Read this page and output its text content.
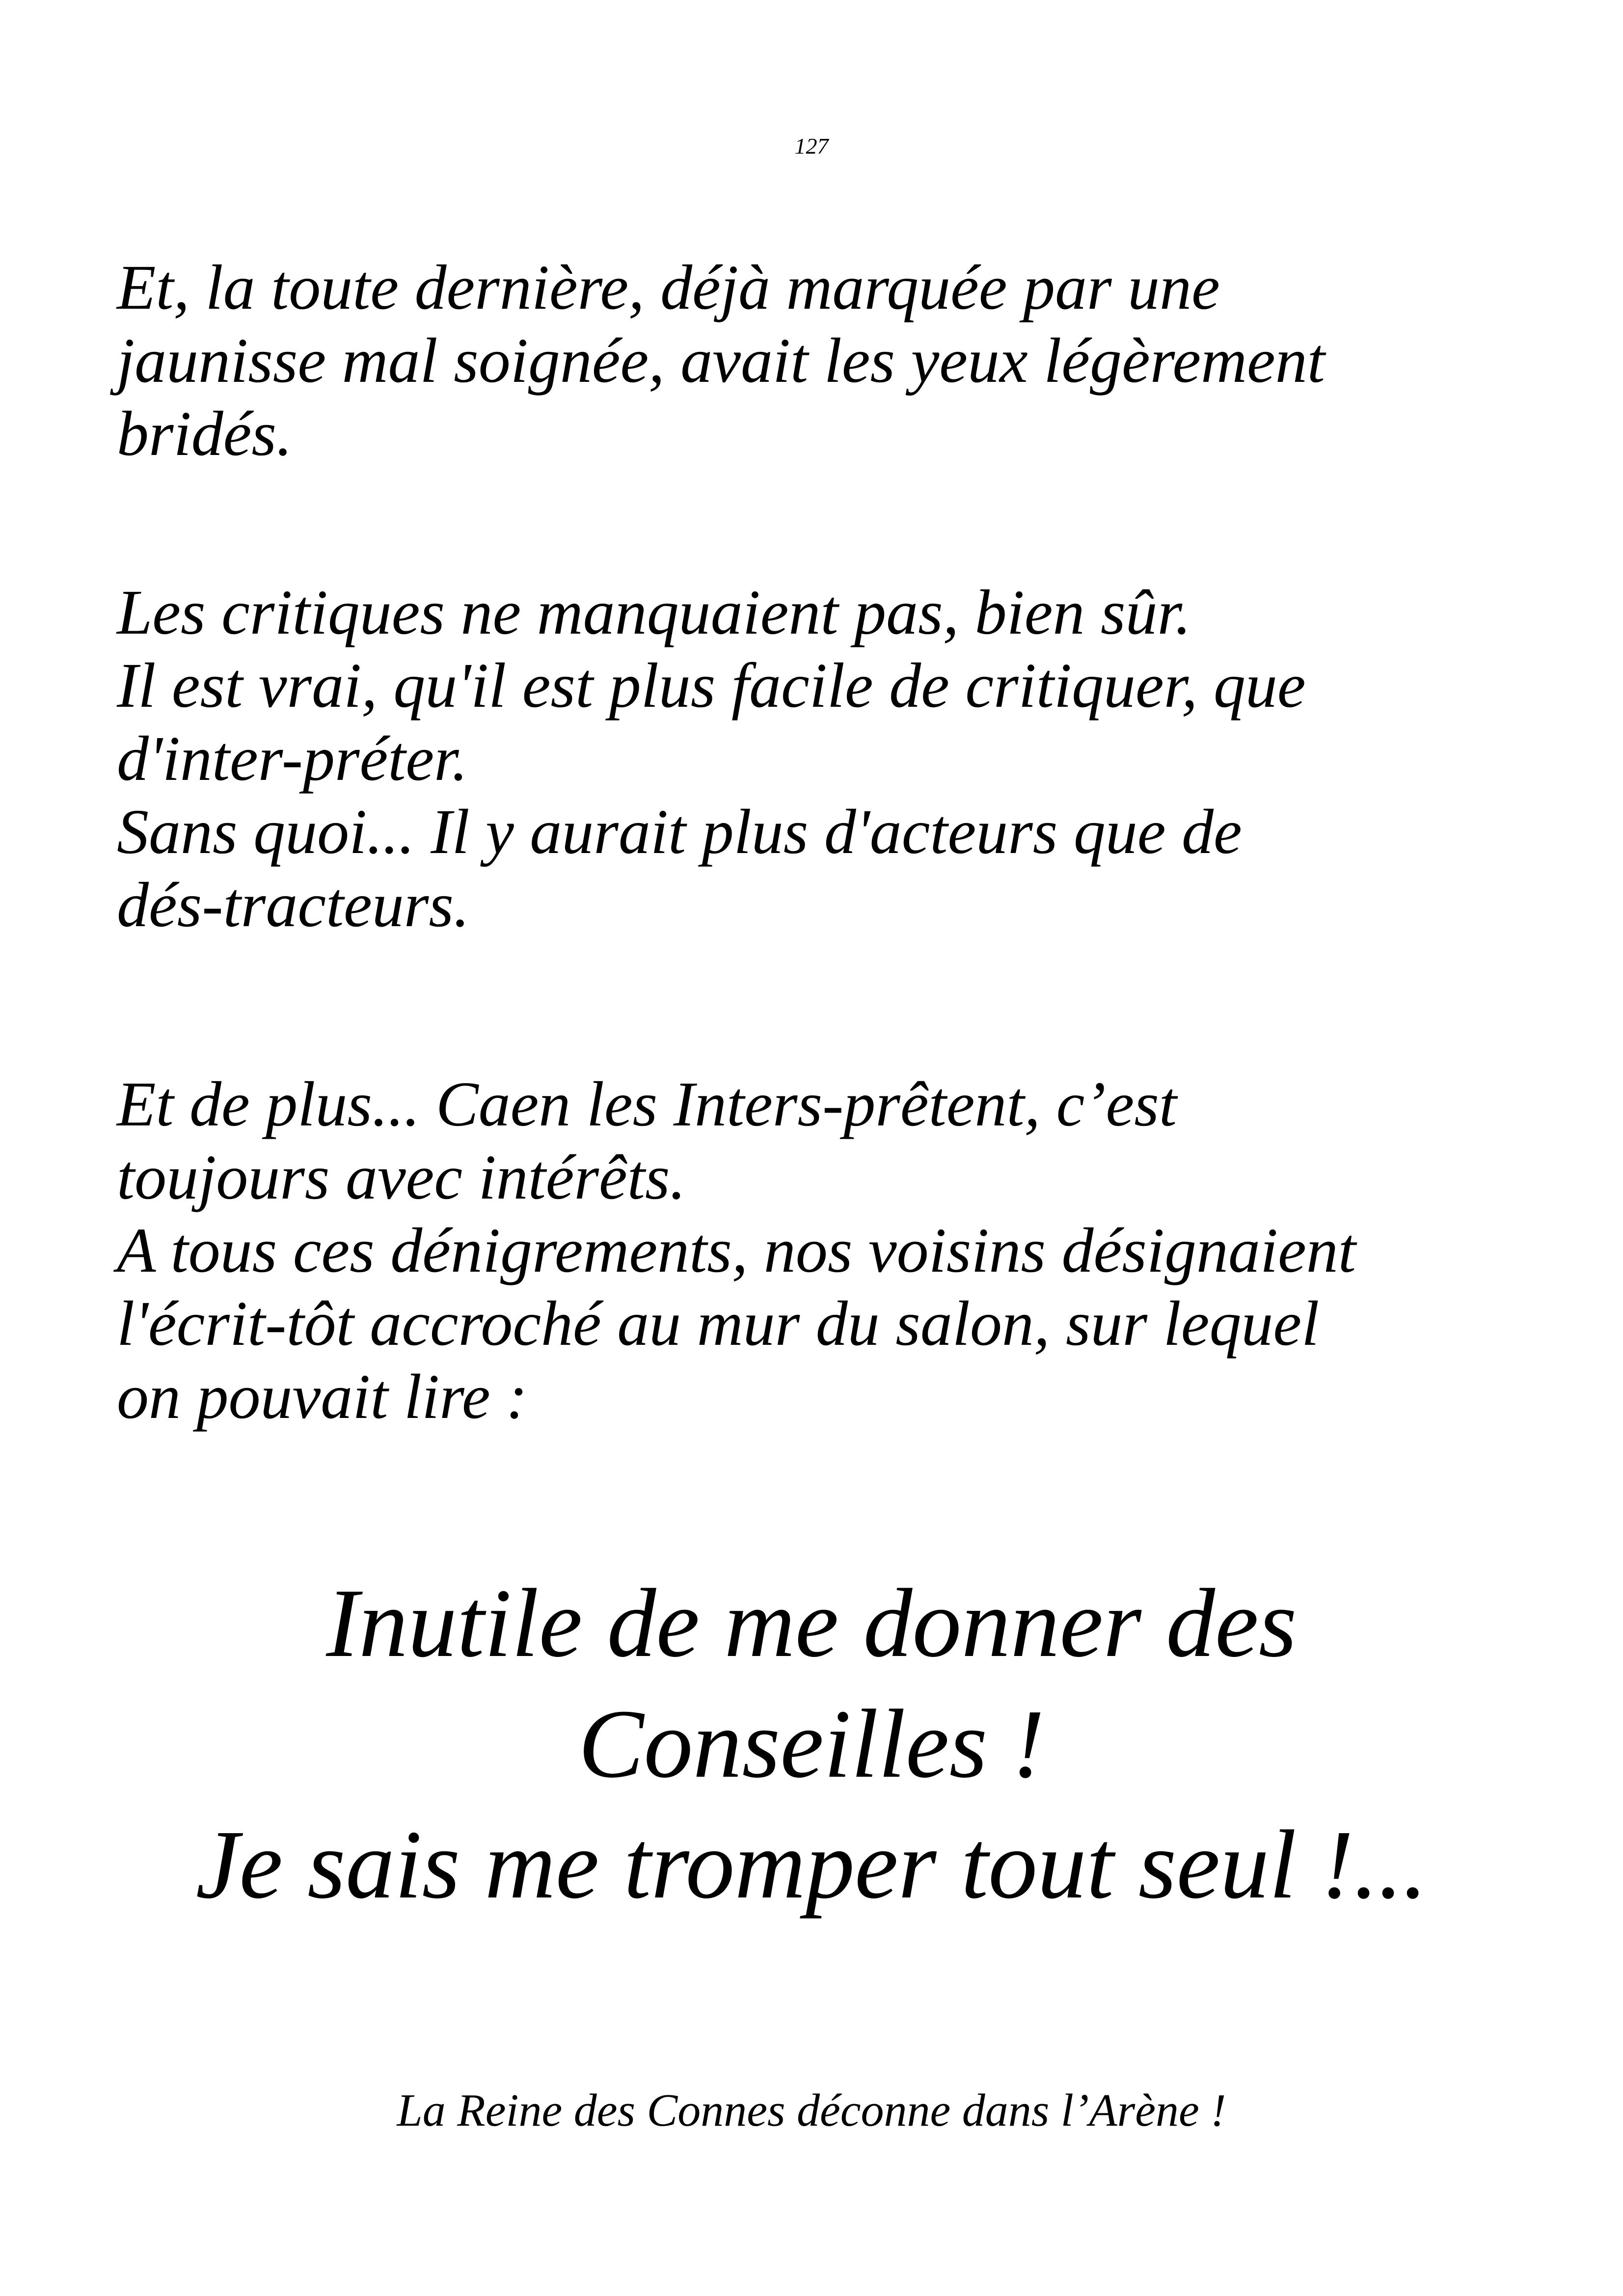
127
Et, la toute dernière, déjà marquée par une
jaunisse mal soignée, avait les yeux légèrement
bridés.
Les critiques ne manquaient pas, bien sûr.
Il est vrai, qu'il est plus facile de critiquer, que
d'inter-préter.
Sans quoi... Il y aurait plus d'acteurs que de
dés-tracteurs.
Et de plus... Caen les Inters-prêtent, c’est
toujours avec intérêts.
A tous ces dénigrements, nos voisins désignaient
l'écrit-tôt accroché au mur du salon, sur lequel
on pouvait lire :
Inutile de me donner des
Conseilles !
Je sais me tromper tout seul !...
La Reine des Connes déconne dans l’Arène !
